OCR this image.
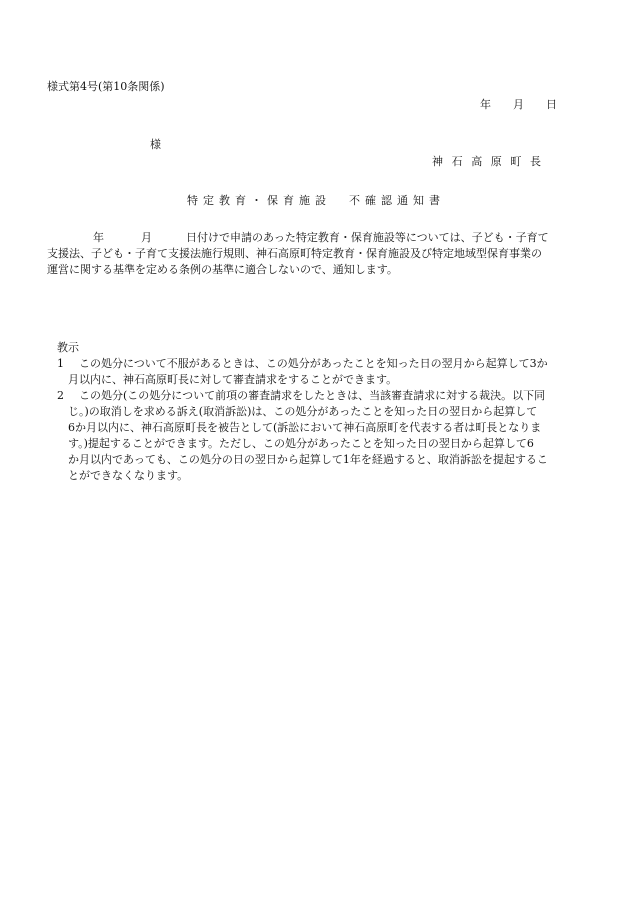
様式第4号(第10条関係)
年 月 日
様
神石高原町長
特定教育・保育施設 不確認通知書
年	月	日付けで申請のあった特定教育・保育施設等については、子ども・子育て
支援法、子ども・子育て支援法施行規則、神石高原町特定教育・保育施設及び特定地域型保育事業の
運営に関する基準を定める条例の基準に適合しないので、通知します。
教示
1 　この処分について不服があるときは、この処分があったことを知った日の翌月から起算して3か
月以内に、神石高原町長に対して審査請求をすることができます。
2 　この処分(この処分について前項の審査請求をしたときは、当該審査請求に対する裁決。以下同
じ。)の取消しを求める訴え(取消訴訟)は、この処分があったことを知った日の翌日から起算して
6か月以内に、神石高原町長を被告として(訴訟において神石高原町を代表する者は町長となりま
す。)提起することができます。ただし、この処分があったことを知った日の翌日から起算して6
か月以内であっても、この処分の日の翌日から起算して1年を経過すると、取消訴訟を提起するこ
とができなくなります。
